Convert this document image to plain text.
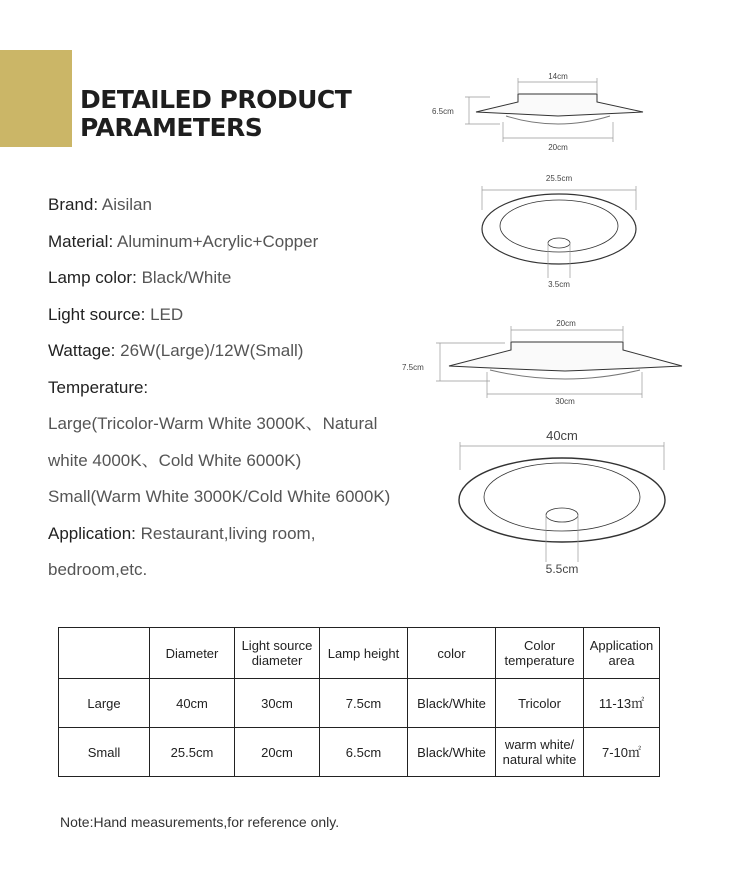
DETAILED PRODUCT
PARAMETERS
Brand: Aisilan
Material: Aluminum+Acrylic+Copper
Lamp color: Black/White
Light source: LED
Wattage: 26W(Large)/12W(Small)
Temperature:
Large(Tricolor-Warm White 3000K、Natural
white 4000K、Cold White 6000K)
Small(Warm White 3000K/Cold White 6000K)
Application: Restaurant,living room,
bedroom,etc.
14cm
6.5cm
20cm
25.5cm
3.5cm
20cm
7.5cm
30cm
40cm
5.5cm
	Diameter	Light source diameter	Lamp height	color	Color temperature	Application area
Large	40cm	30cm	7.5cm	Black/White	Tricolor	11-13㎡
Small	25.5cm	20cm	6.5cm	Black/White	warm white/ natural white	7-10㎡
Note:Hand measurements,for reference only.
